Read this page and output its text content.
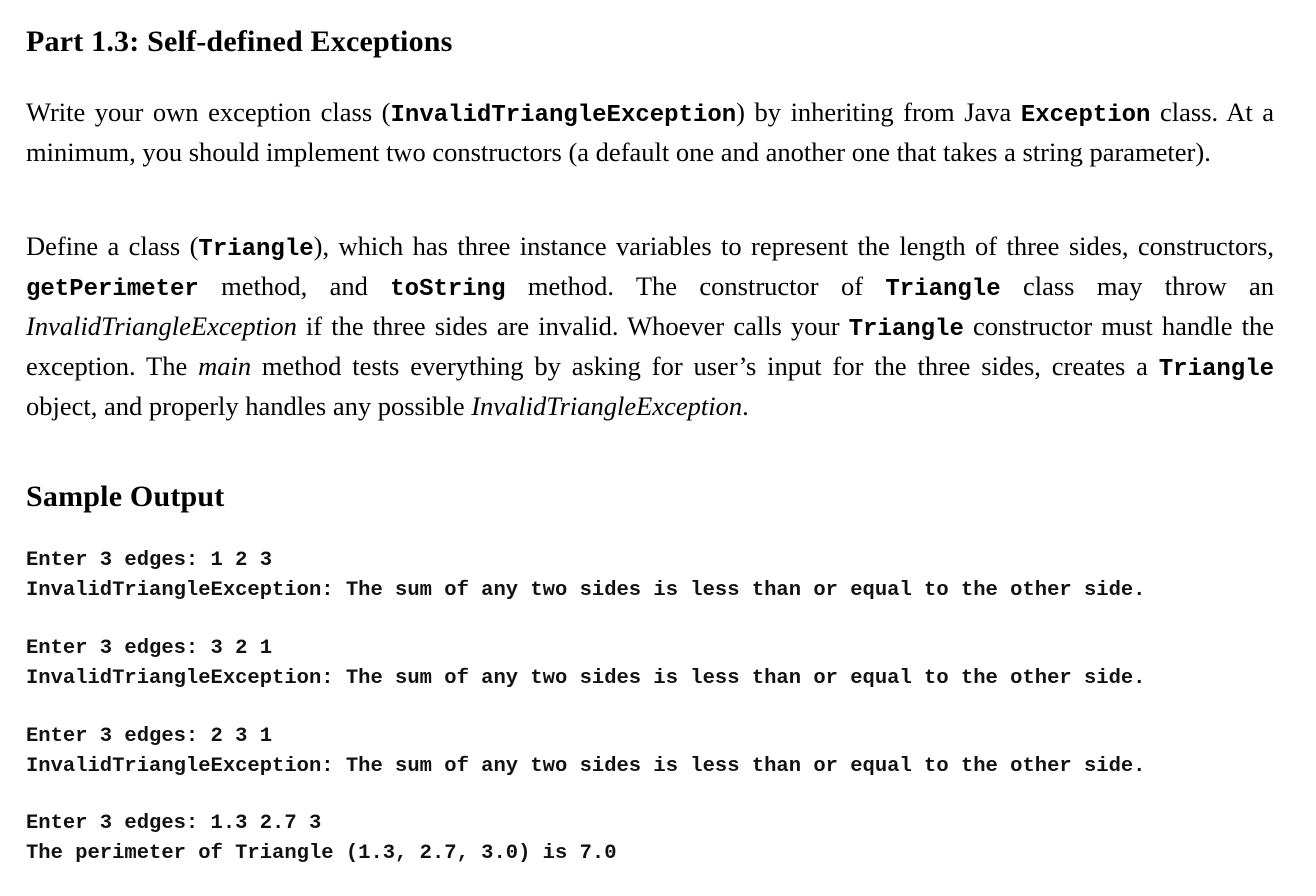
Part 1.3: Self-defined Exceptions

Write your own exception class (InvalidTriangleException) by inheriting from Java Exception class. At a minimum, you should implement two constructors (a default one and another one that takes a string parameter).

Define a class (Triangle), which has three instance variables to represent the length of three sides, constructors, getPerimeter method, and toString method. The constructor of Triangle class may throw an InvalidTriangleException if the three sides are invalid. Whoever calls your Triangle constructor must handle the exception. The main method tests everything by asking for user’s input for the three sides, creates a Triangle object, and properly handles any possible InvalidTriangleException.

Sample Output
Enter 3 edges: 1 2 3
InvalidTriangleException: The sum of any two sides is less than or equal to the other side.
Enter 3 edges: 3 2 1
InvalidTriangleException: The sum of any two sides is less than or equal to the other side.
Enter 3 edges: 2 3 1
InvalidTriangleException: The sum of any two sides is less than or equal to the other side.
Enter 3 edges: 1.3 2.7 3
The perimeter of Triangle (1.3, 2.7, 3.0) is 7.0
